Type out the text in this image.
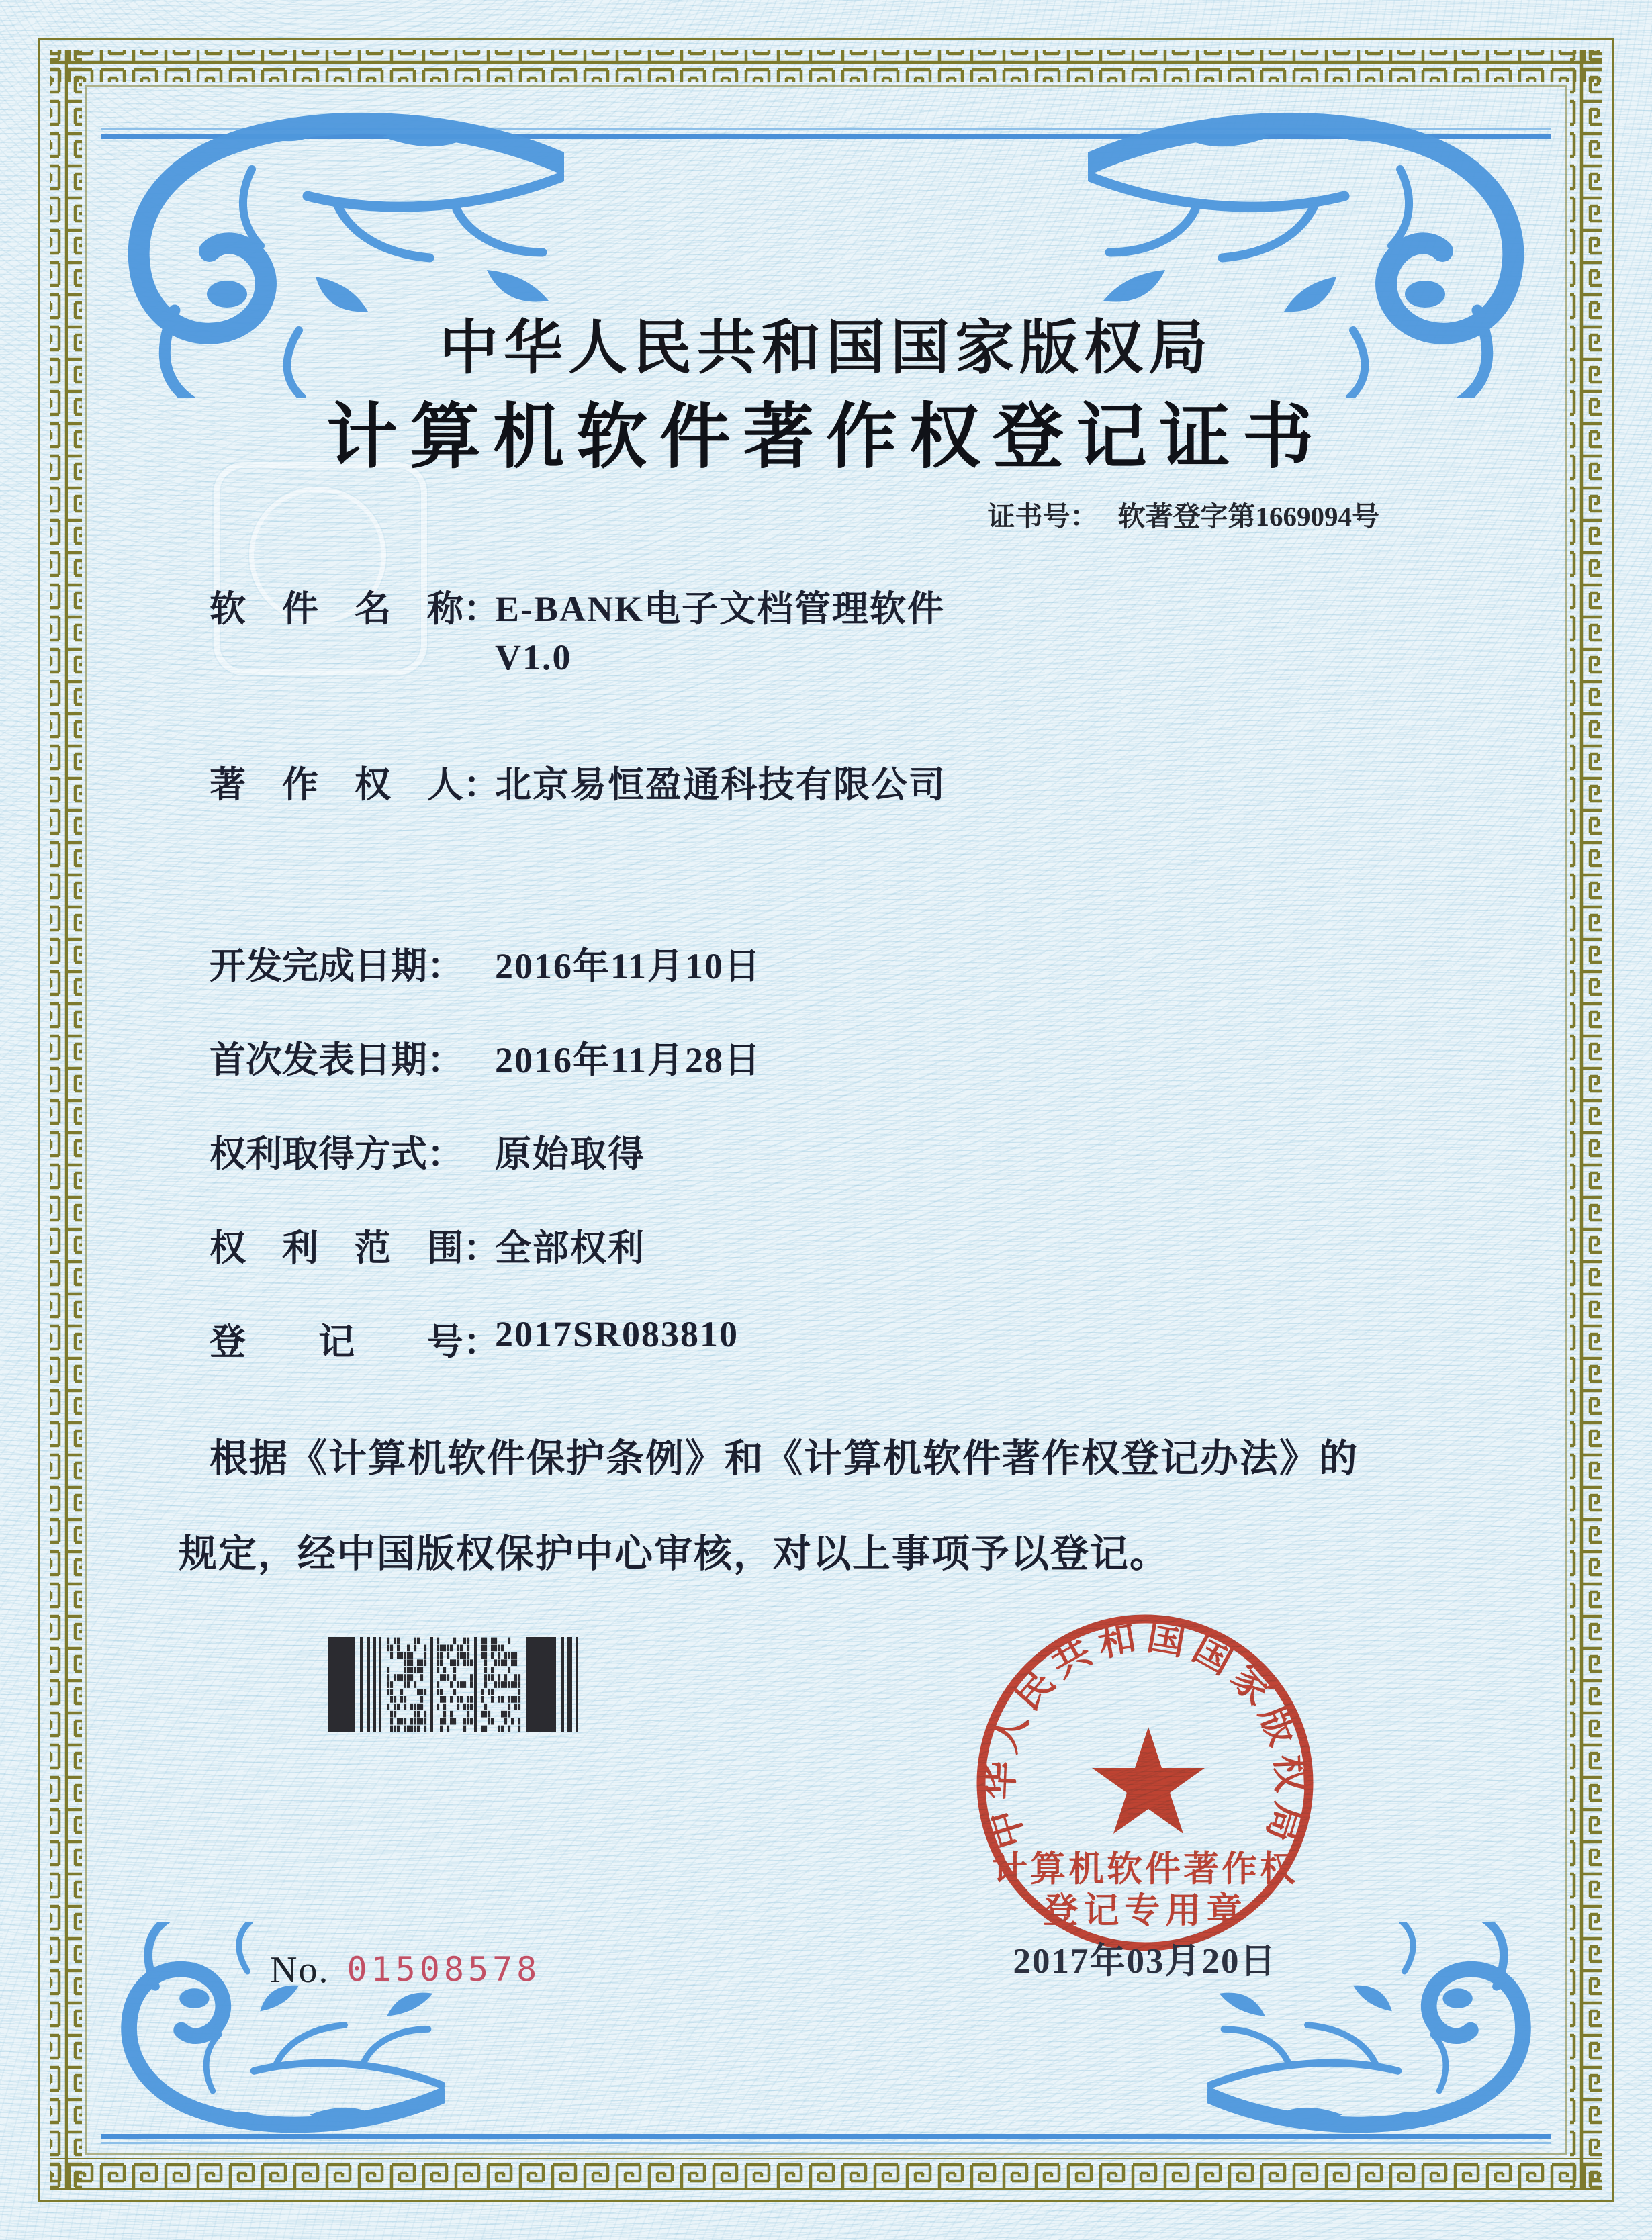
中华人民共和国国家版权局
计算机软件著作权登记证书
证书号： 软著登字第1669094号
软　件　名　称：
E-BANK电子文档管理软件
V1.0
著　作　权　人：
北京易恒盈通科技有限公司
开发完成日期： 2016年11月10日
首次发表日期： 2016年11月28日
权利取得方式： 原始取得
权　利　范　围：
全部权利
登　　记　　号：
2017SR083810
根据《计算机软件保护条例》和《计算机软件著作权登记办法》的
规定，经中国版权保护中心审核，对以上事项予以登记。
中华人民共和国国家版权局
计算机软件著作权
登记专用章
2017年03月20日
No. 01508578
